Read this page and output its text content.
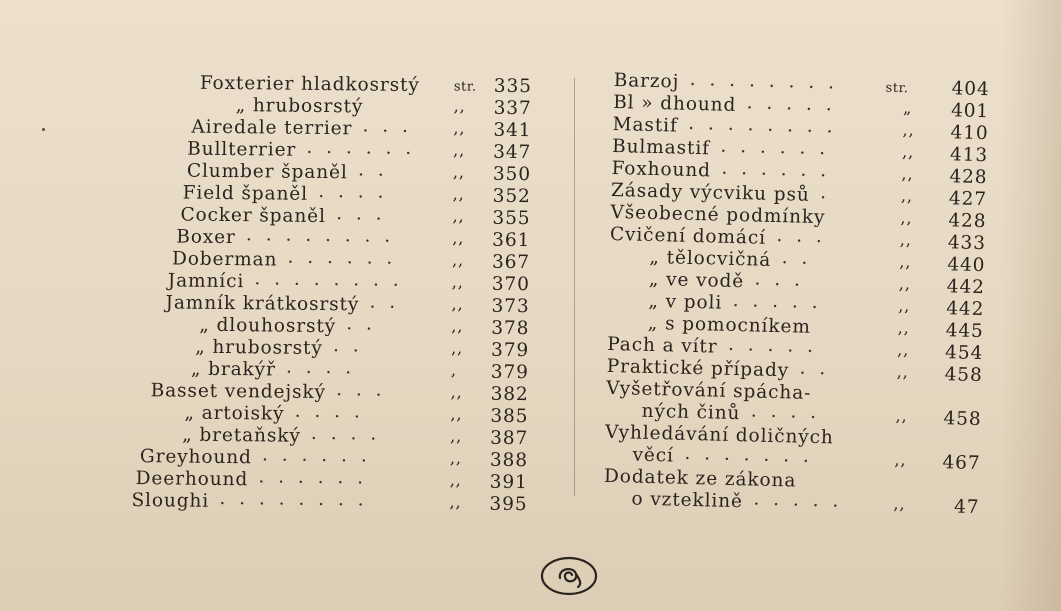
Foxterier hladkosrstý	str. 335
„ hrubosrstý	,,	337
Airedale terrier . . .	,,	341
Bullterrier . . . . . . ,,	347
Clumber španěl . .	,,	350
Field španěl . . . .	,,	352
Cocker španěl . . .	,,	355
Boxer . . . . . . . .	,,	361
Doberman . . . . . .	,,	367
Jamníci . . . . . . . .	,,	370
Jamník krátkosrstý . .	,,	373
„ dlouhosrstý . .	,,	378
„ hrubosrstý . .	,,	379
„ brakýř . . . .	,	379
Basset vendejský . . .	,,	382
„ artoiský . . . .	,,	385
„ bretaňský . . . .	,,	387
Greyhound . . . . . .	,,	388
Deerhound . . . . . .	,,	391
Sloughi . . . . . . . .	,,	395
Barzoj . . . . . . . .	str.	404
Bl » dhound . . . . .	„	401
Mastif . . . . . . . .	,,	410
Bulmastif . . . . . .	,,	413
Foxhound . . . . . .	,,	428
Zásady výcviku psů .	,,	427
Všeobecné podmínky	,,	428
Cvičení domácí . . .	,,	433
„ tělocvičná . .	,,	440
„ ve vodě . . .	,,	442
„ v poli . . . . .	,,	442
„ s pomocníkem	,,	445
Pach a vítr . . . . .	,,	454
Praktické případy . .	,,	458
Vyšetřování spácha-
ných činů . . . .	,,	458
Vyhledávání doličných
věcí . . . . . . .	,,	467
Dodatek ze zákona
o vzteklině . . . . .	,,	47
